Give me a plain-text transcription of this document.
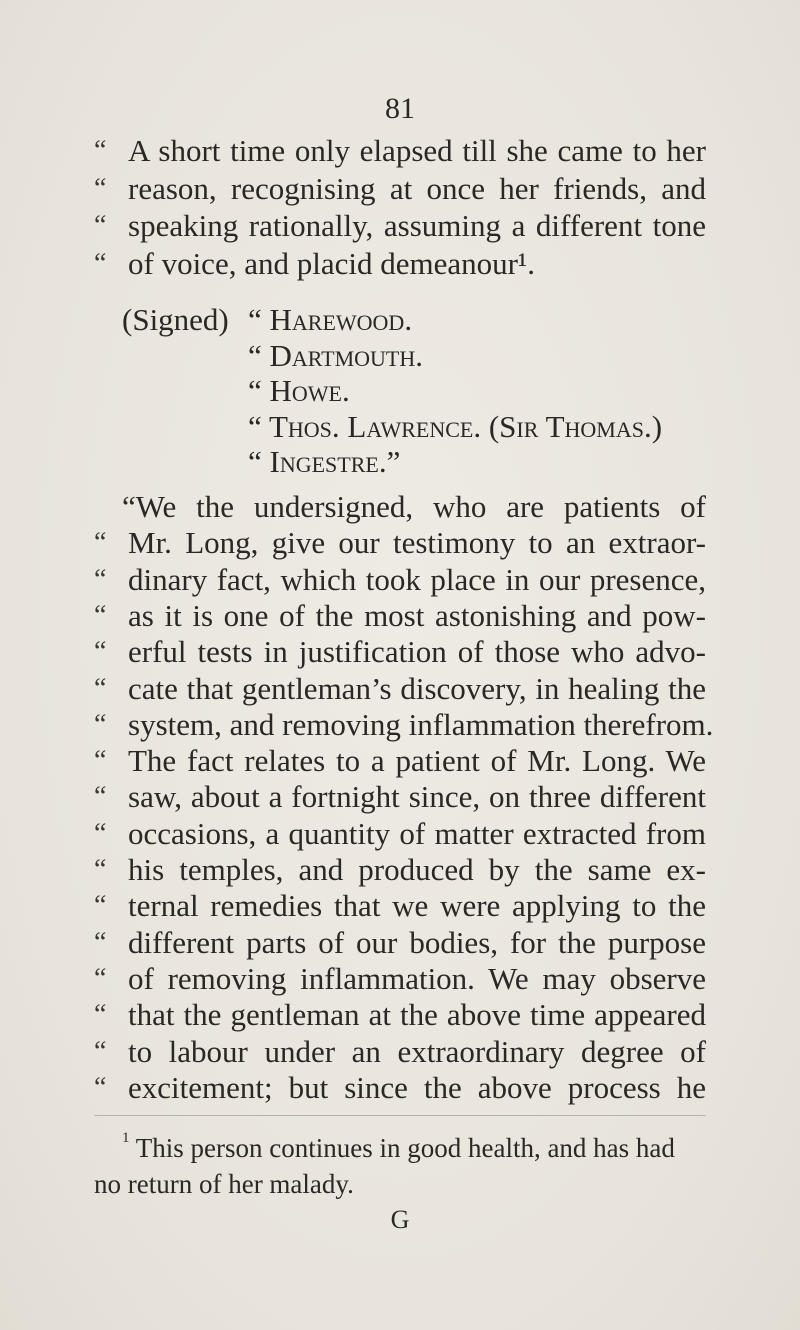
81
“ A short time only elapsed till she came to her
“ reason, recognising at once her friends, and
“ speaking rationally, assuming a different tone
“ of voice, and placid demeanour¹.
(Signed) “ Harewood.
“ Dartmouth.
“ Howe.
“ Thos. Lawrence. (Sir Thomas.)
“ Ingestre.”
“We the undersigned, who are patients of
“ Mr. Long, give our testimony to an extraor-
“ dinary fact, which took place in our presence,
“ as it is one of the most astonishing and pow-
“ erful tests in justification of those who advo-
“ cate that gentleman’s discovery, in healing the
“ system, and removing inflammation therefrom.
“ The fact relates to a patient of Mr. Long. We
“ saw, about a fortnight since, on three different
“ occasions, a quantity of matter extracted from
“ his temples, and produced by the same ex-
“ ternal remedies that we were applying to the
“ different parts of our bodies, for the purpose
“ of removing inflammation. We may observe
“ that the gentleman at the above time appeared
“ to labour under an extraordinary degree of
“ excitement; but since the above process he
$^1$ This person continues in good health, and has had
no return of her malady.
G
